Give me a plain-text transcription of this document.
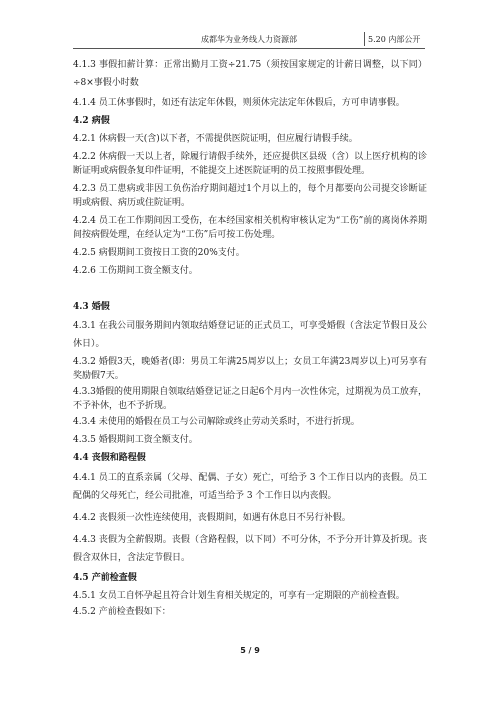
成都华为业务线人力资源部	5.20 内部公开

4.1.3 事假扣薪计算：正常出勤月工资÷21.75（须按国家规定的计薪日调整，以下同）÷8×事假小时数

4.1.4 员工休事假时，如还有法定年休假，则须休完法定年休假后，方可申请事假。

4.2 病假

4.2.1 休病假一天(含)以下者，不需提供医院证明，但应履行请假手续。

4.2.2 休病假一天以上者，除履行请假手续外，还应提供区县级（含）以上医疗机构的诊断证明或病假条复印件证明，不能提交上述医院证明的员工按照事假处理。

4.2.3 员工患病或非因工负伤治疗期间超过1个月以上的，每个月都要向公司提交诊断证明或病假、病历或住院证明。

4.2.4 员工在工作期间因工受伤，在本经国家相关机构审核认定为“工伤”前的离岗休养期间按病假处理，在经认定为“工伤”后可按工伤处理。

4.2.5 病假期间工资按日工资的20%支付。

4.2.6 工伤期间工资全额支付。

4.3 婚假

4.3.1 在我公司服务期间内领取结婚登记证的正式员工，可享受婚假（含法定节假日及公休日）。

4.3.2 婚假3天，晚婚者(即：男员工年满25周岁以上；女员工年满23周岁以上)可另享有奖励假7天。

4.3.3婚假的使用期限自领取结婚登记证之日起6个月内一次性休完，过期视为员工放弃，不予补休，也不予折现。

4.3.4 未使用的婚假在员工与公司解除或终止劳动关系时，不进行折现。

4.3.5 婚假期间工资全额支付。

4.4 丧假和路程假

4.4.1 员工的直系亲属（父母、配偶、子女）死亡，可给予 3 个工作日以内的丧假。员工配偶的父母死亡，经公司批准，可适当给予 3 个工作日以内丧假。

4.4.2 丧假须一次性连续使用，丧假期间，如遇有休息日不另行补假。

4.4.3 丧假为全薪假期。丧假（含路程假，以下同）不可分休，不予分开计算及折现。丧假含双休日，含法定节假日。

4.5 产前检查假

4.5.1 女员工自怀孕起且符合计划生育相关规定的，可享有一定期限的产前检查假。

4.5.2 产前检查假如下：

5 / 9
